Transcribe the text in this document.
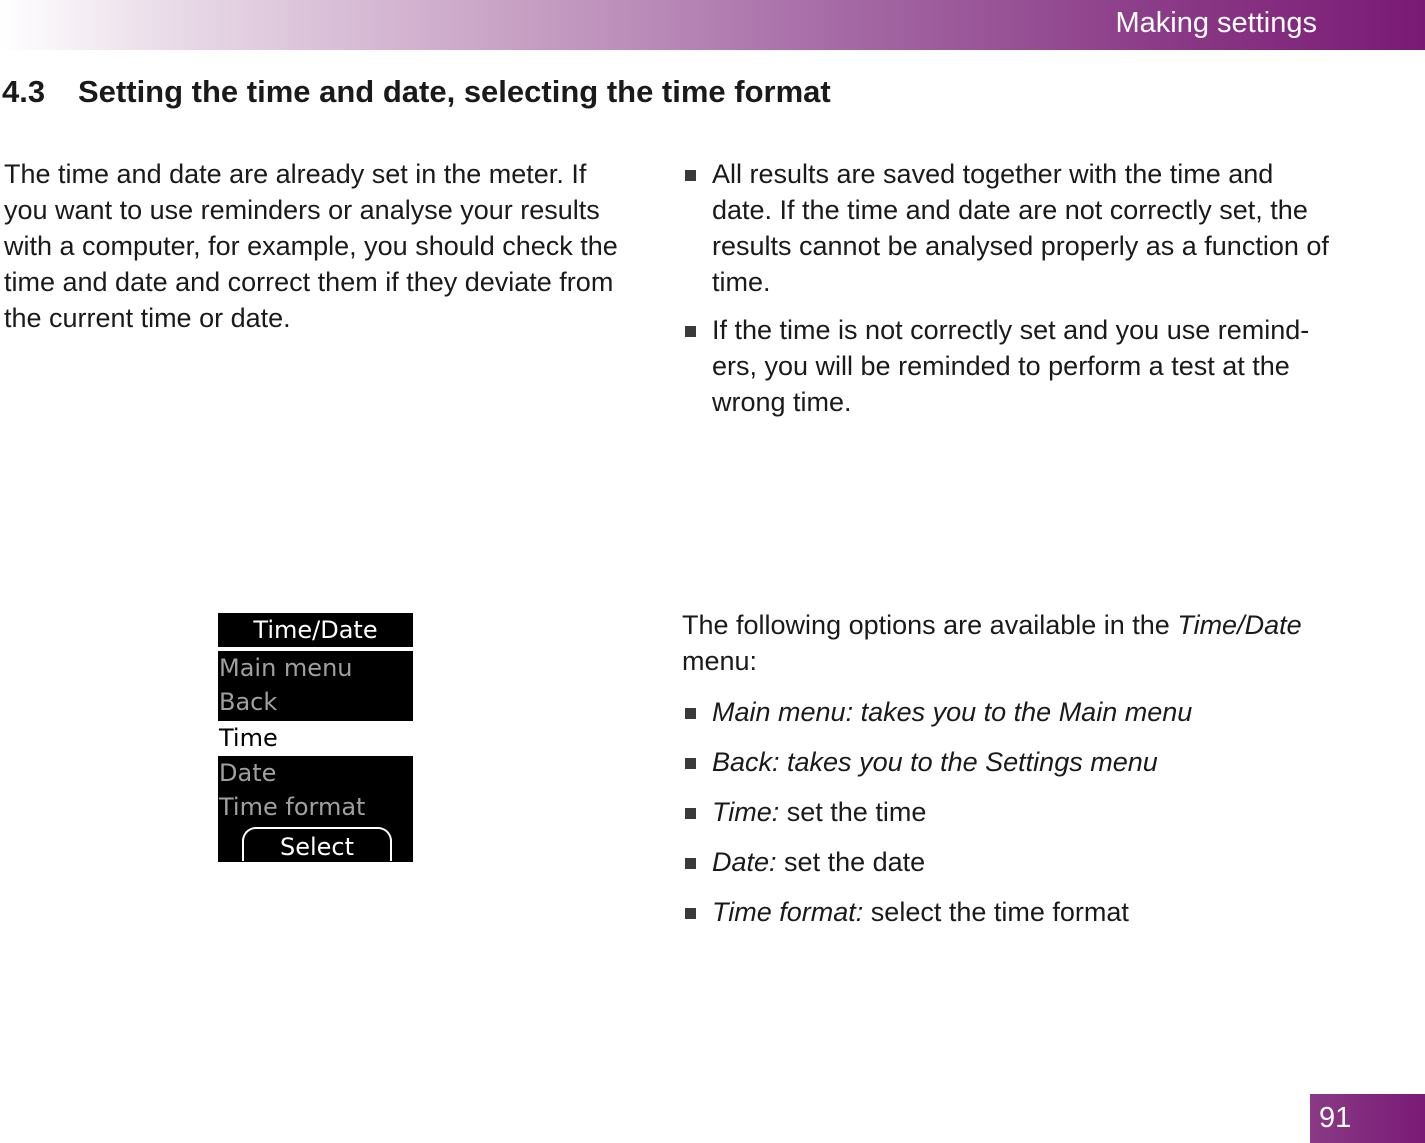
Making settings
4.3 Setting the time and date, selecting the time format
The time and date are already set in the meter. If you want to use reminders or analyse your results with a computer, for example, you should check the time and date and correct them if they deviate from the current time or date.
All results are saved together with the time and date. If the time and date are not correctly set, the results cannot be analysed properly as a function of time.
If the time is not correctly set and you use remind-ers, you will be reminded to perform a test at the wrong time.
Time/Date
Main menu
Back
Time
Date
Time format
Select
The following options are available in the Time/Date menu:
Main menu: takes you to the Main menu
Back: takes you to the Settings menu
Time: set the time
Date: set the date
Time format: select the time format
91
